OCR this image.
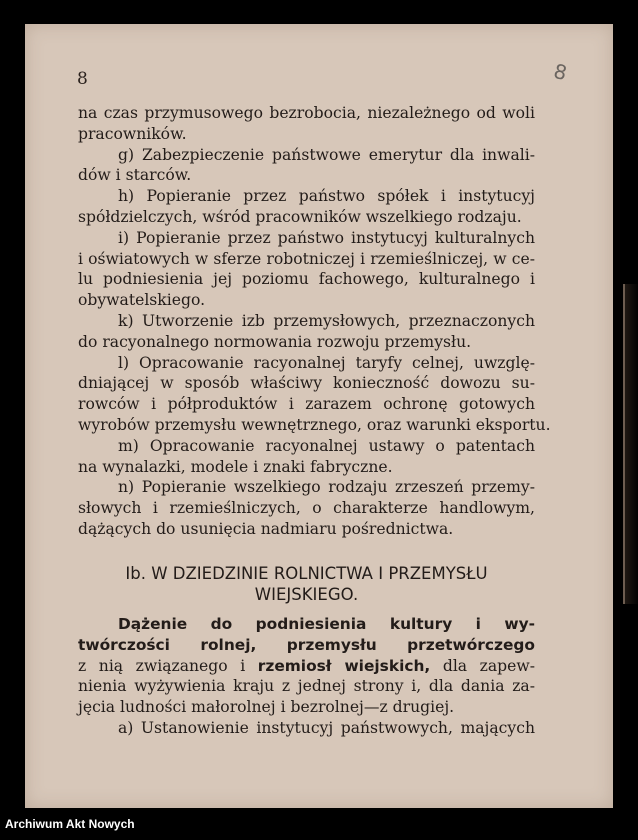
8	8
na czas przymusowego bezrobocia, niezależnego od woli
pracowników.
g) Zabezpieczenie państwowe emerytur dla inwali-
dów i starców.
h) Popieranie przez państwo spółek i instytucyj
spółdzielczych, wśród pracowników wszelkiego rodzaju.
i) Popieranie przez państwo instytucyj kulturalnych
i oświatowych w sferze robotniczej i rzemieślniczej, w ce-
lu podniesienia jej poziomu fachowego, kulturalnego i
obywatelskiego.
k) Utworzenie izb przemysłowych, przeznaczonych
do racyonalnego normowania rozwoju przemysłu.
l) Opracowanie racyonalnej taryfy celnej, uwzglę-
dniającej w sposób właściwy konieczność dowozu su-
rowców i półproduktów i zarazem ochronę gotowych
wyrobów przemysłu wewnętrznego, oraz warunki eksportu.
m) Opracowanie racyonalnej ustawy o patentach
na wynalazki, modele i znaki fabryczne.
n) Popieranie wszelkiego rodzaju zrzeszeń przemy-
słowych i rzemieślniczych, o charakterze handlowym,
dążących do usunięcia nadmiaru pośrednictwa.
Ib. W DZIEDZINIE ROLNICTWA I PRZEMYSŁU
WIEJSKIEGO.
Dążenie do podniesienia kultury i wy-
twórczości rolnej, przemysłu przetwórczego
z nią związanego i rzemiosł wiejskich, dla zapew-
nienia wyżywienia kraju z jednej strony i, dla dania za-
jęcia ludności małorolnej i bezrolnej—z drugiej.
a) Ustanowienie instytucyj państwowych, mających
Archiwum Akt Nowych
